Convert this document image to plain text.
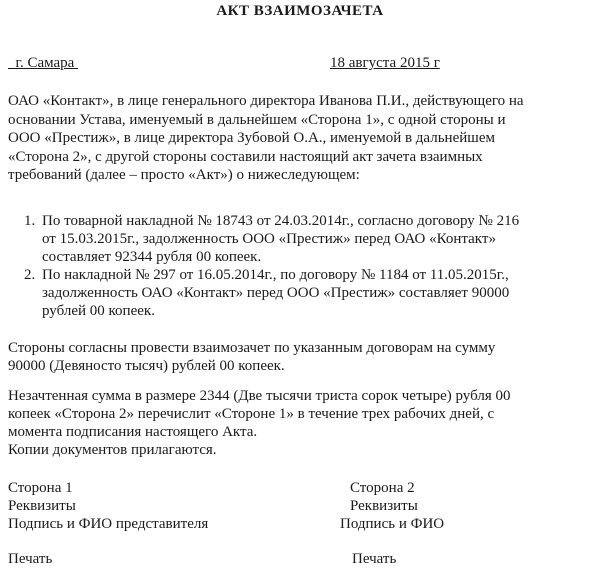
АКТ ВЗАИМОЗАЧЕТА
г. Самара	18 августа 2015 г
ОАО «Контакт», в лице генерального директора Иванова П.И., действующего на основании Устава, именуемый в дальнейшем «Сторона 1», с одной стороны и ООО «Престиж», в лице директора Зубовой О.А., именуемой в дальнейшем «Сторона 2», с другой стороны составили настоящий акт зачета взаимных требований (далее – просто «Акт») о нижеследующем:
1. По товарной накладной № 18743 от 24.03.2014г., согласно договору № 216 от 15.03.2015г., задолженность ООО «Престиж» перед ОАО «Контакт» составляет 92344 рубля 00 копеек.
2. По накладной № 297 от 16.05.2014г., по договору № 1184 от 11.05.2015г., задолженность ОАО «Контакт» перед ООО «Престиж» составляет 90000 рублей 00 копеек.
Стороны согласны провести взаимозачет по указанным договорам на сумму 90000 (Девяносто тысяч) рублей 00 копеек.
Незачтенная сумма в размере 2344 (Две тысячи триста сорок четыре) рубля 00 копеек «Сторона 2» перечислит «Стороне 1» в течение трех рабочих дней, с момента подписания настоящего Акта.
Копии документов прилагаются.
Сторона 1	Сторона 2
Реквизиты	Реквизиты
Подпись и ФИО представителя	Подпись и ФИО
Печать	Печать
